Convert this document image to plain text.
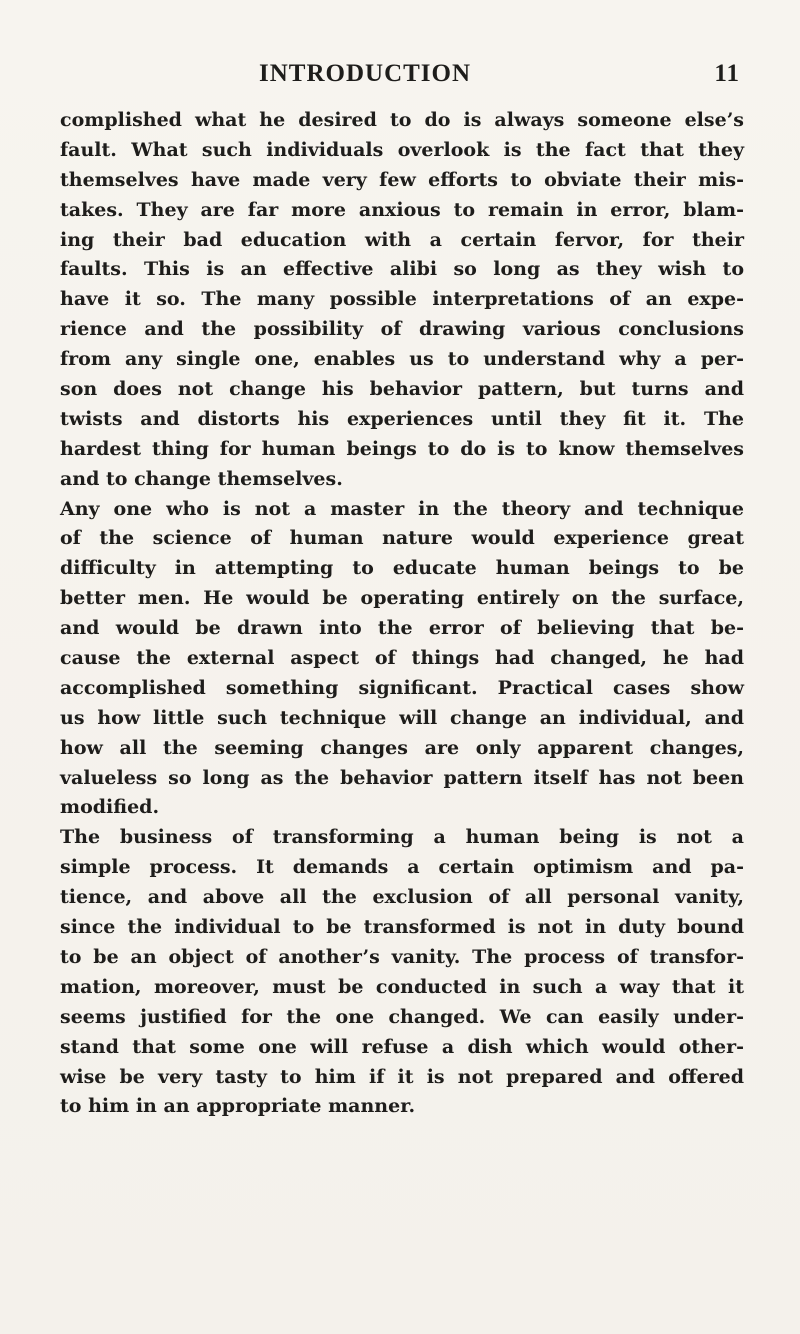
INTRODUCTION	11
complished what he desired to do is always someone else’s
fault. What such individuals overlook is the fact that they
themselves have made very few efforts to obviate their mis-
takes. They are far more anxious to remain in error, blam-
ing their bad education with a certain fervor, for their
faults. This is an effective alibi so long as they wish to
have it so. The many possible interpretations of an expe-
rience and the possibility of drawing various conclusions
from any single one, enables us to understand why a per-
son does not change his behavior pattern, but turns and
twists and distorts his experiences until they fit it. The
hardest thing for human beings to do is to know themselves
and to change themselves.
Any one who is not a master in the theory and technique
of the science of human nature would experience great
difficulty in attempting to educate human beings to be
better men. He would be operating entirely on the surface,
and would be drawn into the error of believing that be-
cause the external aspect of things had changed, he had
accomplished something significant. Practical cases show
us how little such technique will change an individual, and
how all the seeming changes are only apparent changes,
valueless so long as the behavior pattern itself has not been
modified.
The business of transforming a human being is not a
simple process. It demands a certain optimism and pa-
tience, and above all the exclusion of all personal vanity,
since the individual to be transformed is not in duty bound
to be an object of another’s vanity. The process of transfor-
mation, moreover, must be conducted in such a way that it
seems justified for the one changed. We can easily under-
stand that some one will refuse a dish which would other-
wise be very tasty to him if it is not prepared and offered
to him in an appropriate manner.
